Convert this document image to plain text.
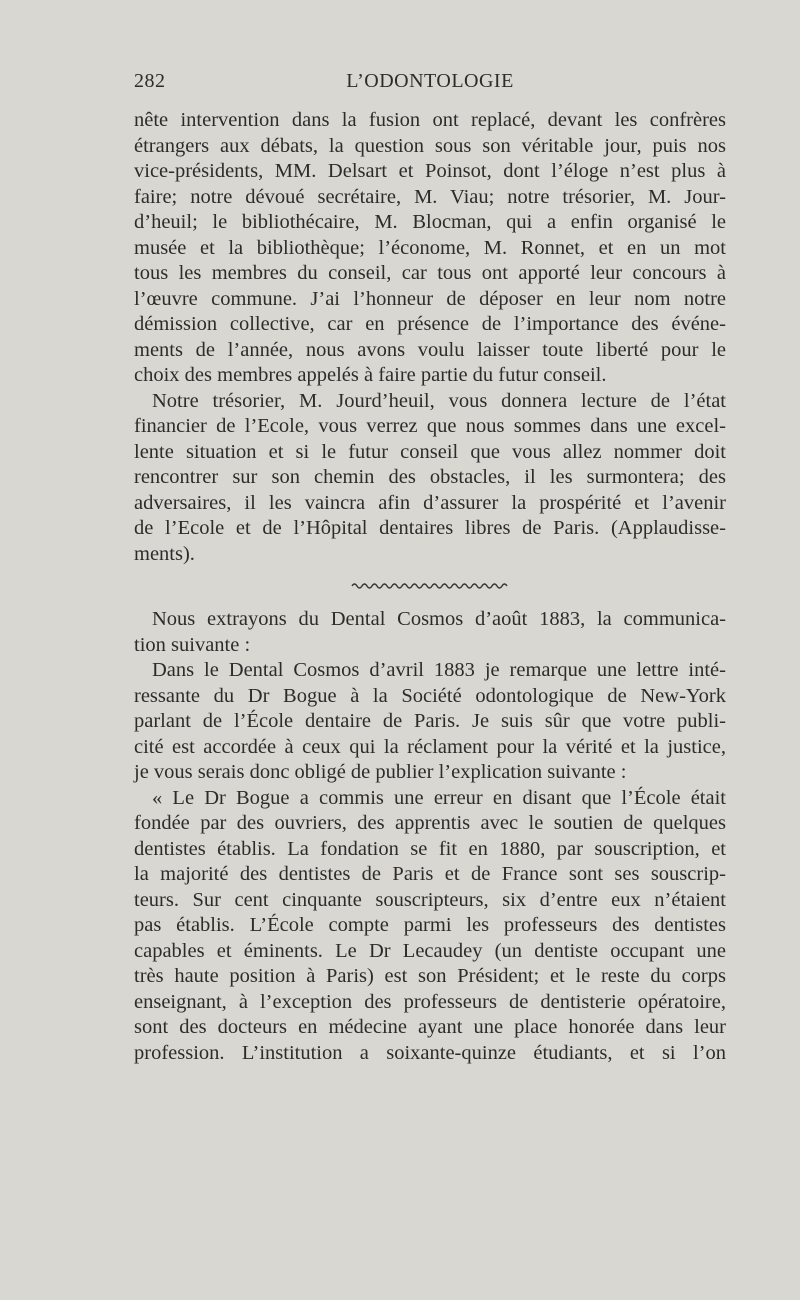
282	L’ODONTOLOGIE
nête intervention dans la fusion ont replacé, devant les confrères
étrangers aux débats, la question sous son véritable jour, puis nos
vice-présidents, MM. Delsart et Poinsot, dont l’éloge n’est plus à
faire; notre dévoué secrétaire, M. Viau; notre trésorier, M. Jour-
d’heuil; le bibliothécaire, M. Blocman, qui a enfin organisé le
musée et la bibliothèque; l’économe, M. Ronnet, et en un mot
tous les membres du conseil, car tous ont apporté leur concours à
l’œuvre commune. J’ai l’honneur de déposer en leur nom notre
démission collective, car en présence de l’importance des événe-
ments de l’année, nous avons voulu laisser toute liberté pour le
choix des membres appelés à faire partie du futur conseil.
Notre trésorier, M. Jourd’heuil, vous donnera lecture de l’état
financier de l’Ecole, vous verrez que nous sommes dans une excel-
lente situation et si le futur conseil que vous allez nommer doit
rencontrer sur son chemin des obstacles, il les surmontera; des
adversaires, il les vaincra afin d’assurer la prospérité et l’avenir
de l’Ecole et de l’Hôpital dentaires libres de Paris. (Applaudisse-
ments).
Nous extrayons du Dental Cosmos d’août 1883, la communica-
tion suivante :
Dans le Dental Cosmos d’avril 1883 je remarque une lettre inté-
ressante du Dr Bogue à la Société odontologique de New-York
parlant de l’École dentaire de Paris. Je suis sûr que votre publi-
cité est accordée à ceux qui la réclament pour la vérité et la justice,
je vous serais donc obligé de publier l’explication suivante :
« Le Dr Bogue a commis une erreur en disant que l’École était
fondée par des ouvriers, des apprentis avec le soutien de quelques
dentistes établis. La fondation se fit en 1880, par souscription, et
la majorité des dentistes de Paris et de France sont ses souscrip-
teurs. Sur cent cinquante souscripteurs, six d’entre eux n’étaient
pas établis. L’École compte parmi les professeurs des dentistes
capables et éminents. Le Dr Lecaudey (un dentiste occupant une
très haute position à Paris) est son Président; et le reste du corps
enseignant, à l’exception des professeurs de dentisterie opératoire,
sont des docteurs en médecine ayant une place honorée dans leur
profession. L’institution a soixante-quinze étudiants, et si l’on
